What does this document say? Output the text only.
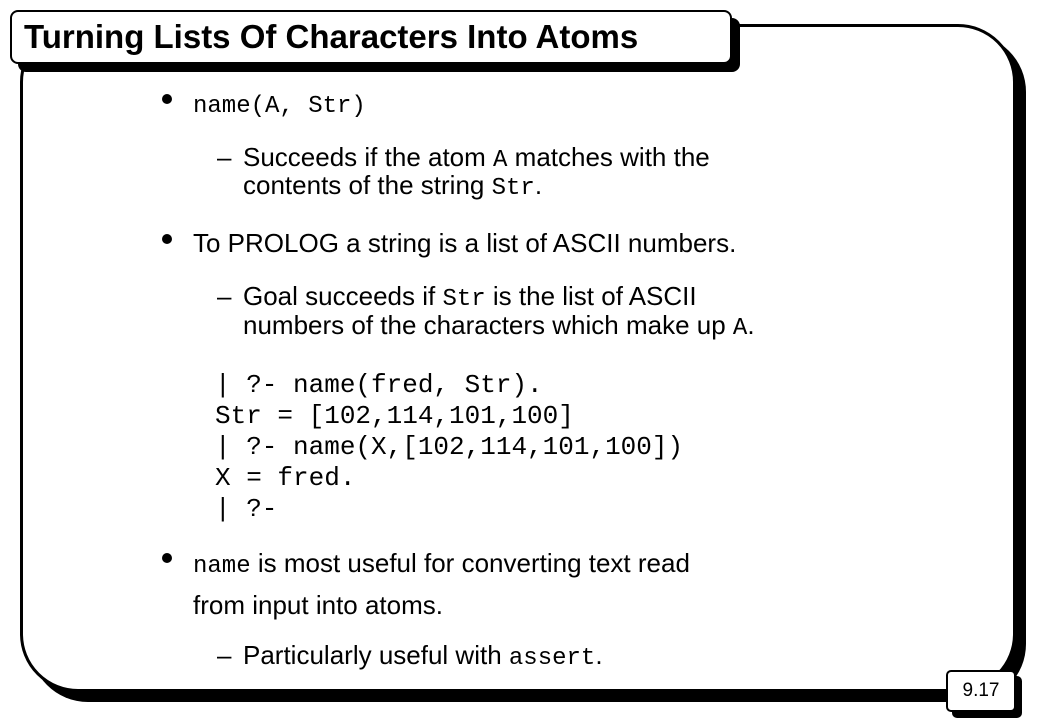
Turning Lists Of Characters Into Atoms
name(A, Str)
– Succeeds if the atom A matches with the
contents of the string Str.
To PROLOG a string is a list of ASCII numbers.
– Goal succeeds if Str is the list of ASCII
numbers of the characters which make up A.
| ?- name(fred, Str).
Str = [102,114,101,100]
| ?- name(X,[102,114,101,100])
X = fred.
| ?-
name is most useful for converting text read
from input into atoms.
– Particularly useful with assert.
9.17
